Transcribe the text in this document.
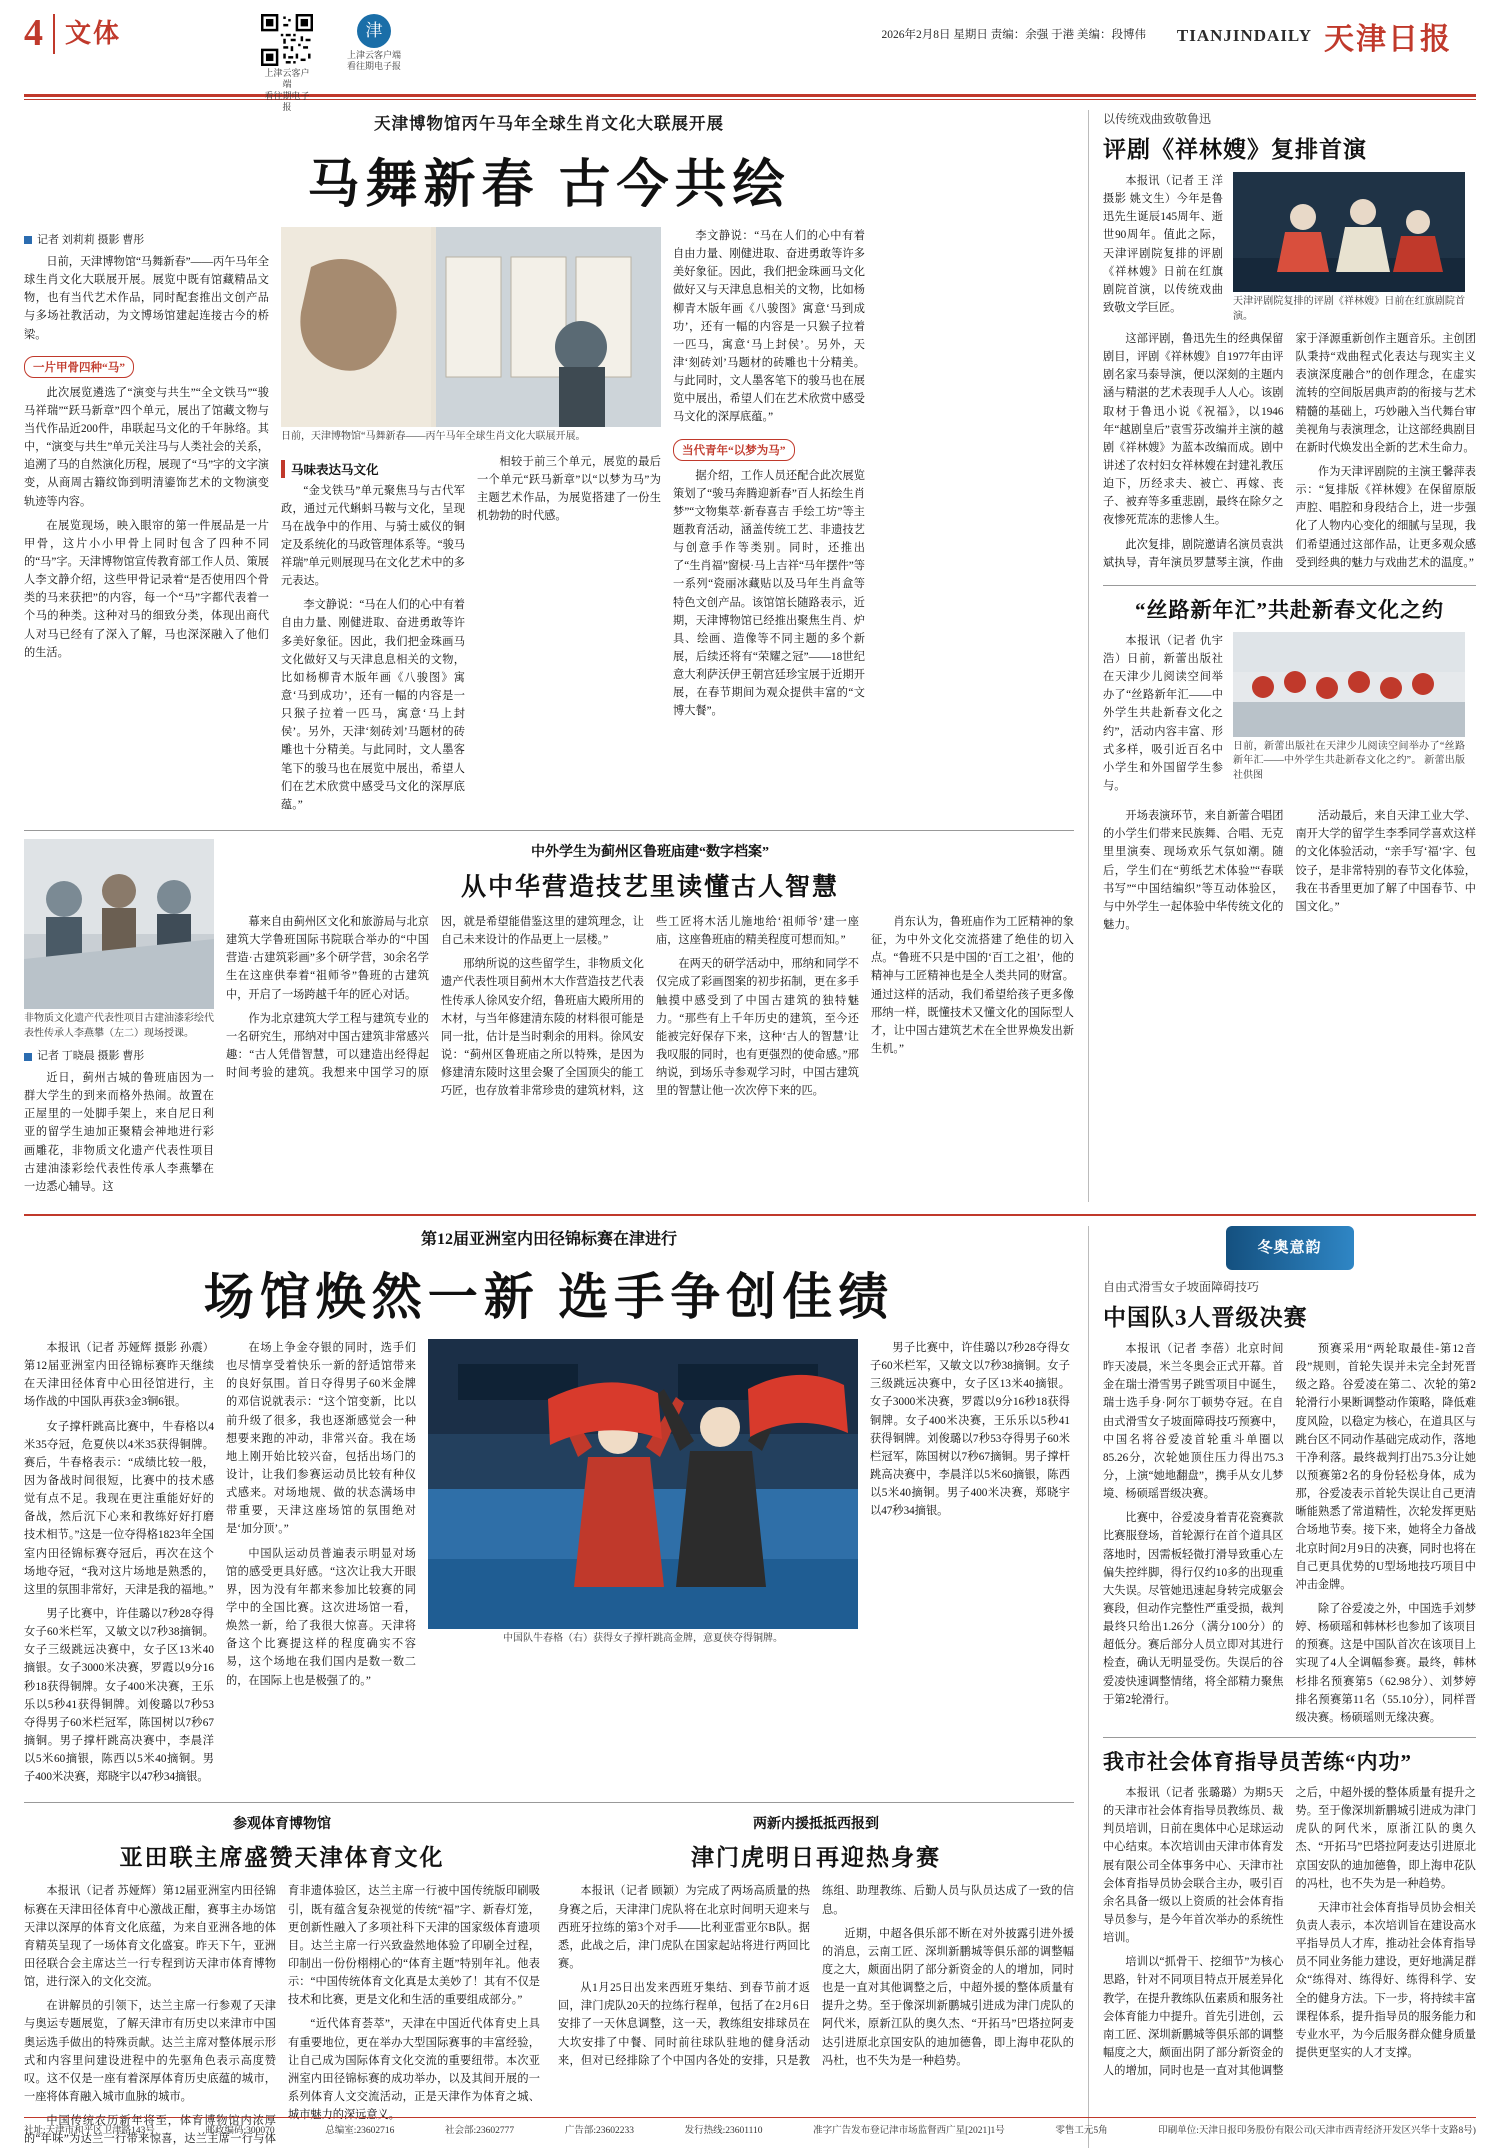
4 文体
上津云客户端
看往期电子报
津
上津云客户端
看往期电子报
2026年2月8日 星期日 责编：余强 于港 美编：段博伟 TIANJINDAILY 天津日报
天津博物馆丙午马年全球生肖文化大联展开展
马舞新春 古今共绘
记者 刘莉莉 摄影 曹彤

日前，天津博物馆“马舞新春”——丙午马年全球生肖文化大联展开展。展览中既有馆藏精品文物，也有当代艺术作品，同时配套推出文创产品与多场社教活动，为文博场馆建起连接古今的桥梁。

一片甲骨四种“马”

此次展览遴选了“演变与共生”“全文铁马”“骏马祥瑞”“跃马新章”四个单元，展出了馆藏文物与当代作品近200件，串联起马文化的千年脉络。其中，“演变与共生”单元关注马与人类社会的关系，追溯了马的自然演化历程，展现了“马”字的文字演变，从商周古籍纹饰到明清鎏饰艺术的文物演变轨迹等内容。

在展览现场，映入眼帘的第一件展品是一片甲骨，这片小小甲骨上同时包含了四种不同的“马”字。天津博物馆宣传教育部工作人员、策展人李文静介绍，这些甲骨记录着“是否使用四个骨类的马来获把”的内容，每一个“马”字都代表着一个马的种类。这种对马的细致分类，体现出商代人对马已经有了深入了解，马也深深融入了他们的生活。

日前，天津博物馆“马舞新春——丙午马年全球生肖文化大联展开展。
马味表达马文化

“金戈铁马”单元聚焦马与古代军政，通过元代蝌蚪马鞍与文化，呈现马在战争中的作用、与骑士威仪的铜定及系统化的马政管理体系等。“骏马祥瑞”单元则展现马在文化艺术中的多元表达。

李文静说：“马在人们的心中有着自由力量、刚健进取、奋进勇敢等许多美好象征。因此，我们把金珠画马文化做好又与天津息息相关的文物，比如杨柳青木版年画《八骏图》寓意‘马到成功’，还有一幅的内容是一只猴子拉着一匹马，寓意‘马上封侯’。另外，天津‘刻砖刘’马题材的砖雕也十分精美。与此同时，文人墨客笔下的骏马也在展览中展出，希望人们在艺术欣赏中感受马文化的深厚底蕴。”

相较于前三个单元，展览的最后一个单元“跃马新章”以“以梦为马”为主题艺术作品，为展览搭建了一份生机勃勃的时代感。

李文静说：“马在人们的心中有着自由力量、刚健进取、奋进勇敢等许多美好象征。因此，我们把金珠画马文化做好又与天津息息相关的文物，比如杨柳青木版年画《八骏图》寓意‘马到成功’，还有一幅的内容是一只猴子拉着一匹马，寓意‘马上封侯’。另外，天津‘刻砖刘’马题材的砖雕也十分精美。与此同时，文人墨客笔下的骏马也在展览中展出，希望人们在艺术欣赏中感受马文化的深厚底蕴。”

当代青年“以梦为马”

据介绍，工作人员还配合此次展览策划了“骏马奔腾迎新春”百人拓绘生肖梦”“文物集萃·新春喜吉 手绘工坊”等主题教育活动，涵盖传统工艺、非遗技艺与创意手作等类别。同时，还推出了“生肖福”窗棂·马上吉祥“马年摆件”等一系列“瓷丽冰藏贴以及马年生肖盒等特色文创产品。该馆馆长随路表示，近期，天津博物馆已经推出聚焦生肖、炉具、绘画、造像等不同主题的多个新展，后续还将有“荣耀之冠”——18世纪意大利萨沃伊王朝宫廷珍宝展于近期开展，在春节期间为观众提供丰富的“文博大餐”。

非物质文化遗产代表性项目古建油漆彩绘代表性传承人李燕攀（左二）现场授课。
记者 丁晓晨 摄影 曹彤

近日，蓟州古城的鲁班庙因为一群大学生的到来而格外热闹。故置在正屋里的一处脚手架上，来自尼日利亚的留学生迪加正聚精会神地进行彩画雕花，非物质文化遗产代表性项目古建油漆彩绘代表性传承人李燕攀在一边悉心辅导。这

中外学生为蓟州区鲁班庙建“数字档案”
从中华营造技艺里读懂古人智慧

幕来自由蓟州区文化和旅游局与北京建筑大学鲁班国际书院联合举办的“中国营造·古建筑彩画”多个研学营，30余名学生在这座供奉着“祖师爷”鲁班的古建筑中，开启了一场跨越千年的匠心对话。

作为北京建筑大学工程与建筑专业的一名研究生，邢纳对中国古建筑非常感兴趣：“古人凭借智慧，可以建造出经得起时间考验的建筑。我想来中国学习的原因，就是希望能借鉴这里的建筑理念，让自己未来设计的作品更上一层楼。”

邢纳所说的这些留学生，非物质文化遗产代表性项目蓟州木大作营造技艺代表性传承人徐风安介绍，鲁班庙大殿所用的木材，与当年修建清东陵的材料很可能是同一批，估计是当时剩余的用料。徐风安说：“蓟州区鲁班庙之所以特殊，是因为修建清东陵时这里会聚了全国顶尖的能工巧匠，也存放着非常珍贵的建筑材料，这些工匠将木活儿施地给‘祖师爷’建一座庙，这座鲁班庙的精美程度可想而知。”

在两天的研学活动中，邢纳和同学不仅完成了彩画图案的初步拓制，更在多手触摸中感受到了中国古建筑的独特魅力。“那些有上千年历史的建筑，至今还能被完好保存下来，这种‘古人的智慧’让我叹服的同时，也有更强烈的使命感。”邢纳说，到场乐寺参观学习时，中国古建筑里的智慧让他一次次停下来的匹。

肖东认为，鲁班庙作为工匠精神的象征，为中外文化交流搭建了绝佳的切入点。“鲁班不只是中国的‘百工之祖’，他的精神与工匠精神也是全人类共同的财富。通过这样的活动，我们希望给孩子更多像邢纳一样，既懂技术又懂文化的国际型人才，让中国古建筑艺术在全世界焕发出新生机。”

以传统戏曲致敬鲁迅
评剧《祥林嫂》复排首演

本报讯（记者 王 洋 摄影 姚文生）今年是鲁迅先生诞辰145周年、逝世90周年。值此之际，天津评剧院复排的评剧《祥林嫂》日前在红旗剧院首演，以传统戏曲致敬文学巨匠。

天津评剧院复排的评剧《祥林嫂》日前在红旗剧院首演。

这部评剧，鲁迅先生的经典保留剧目，评剧《祥林嫂》自1977年由评剧名家马泰导演，便以深刻的主题内涵与精湛的艺术表现手人人心。该剧取材于鲁迅小说《祝福》，以1946年“越剧皇后”袁雪芬改编并主演的越剧《祥林嫂》为蓝本改编而成。剧中讲述了农村妇女祥林嫂在封建礼教压迫下，历经求夫、被亡、再嫁、丧子、被弃等多重悲剧，最终在除夕之夜惨死荒冻的悲惨人生。

此次复排，剧院邀请名演员袁洪斌执导，青年演员罗慧琴主演，作曲家于泽源重新创作主题音乐。主创团队秉持“戏曲程式化表达与现实主义表演深度融合”的创作理念，在虚实流转的空间版居典声韵的衔接与艺术精髓的基础上，巧妙融入当代舞台审美视角与表演理念，让这部经典剧目在新时代焕发出全新的艺术生命力。

作为天津评剧院的主演王馨萍表示：“复排版《祥林嫂》在保留原版声腔、唱腔和身段结合上，进一步强化了人物内心变化的细腻与呈现，我们希望通过这部作品，让更多观众感受到经典的魅力与戏曲艺术的温度。”

“丝路新年汇”共赴新春文化之约

本报讯（记者 仇宇浩）日前，新蕾出版社在天津少儿阅读空间举办了“丝路新年汇——中外学生共赴新春文化之约”，活动内容丰富、形式多样，吸引近百名中小学生和外国留学生参与。

日前，新蕾出版社在天津少儿阅读空间举办了“丝路新年汇——中外学生共赴新春文化之约”。 新蕾出版社供图

开场表演环节，来自新蕾合唱团的小学生们带来民族舞、合唱、无克里里演奏、现场欢乐气氛如潮。随后，学生们在“剪纸艺术体验”“春联书写”“中国结编织”等互动体验区，与中外学生一起体验中华传统文化的魅力。

活动最后，来自天津工业大学、南开大学的留学生李季同学喜欢这样的文化体验活动，“亲手写‘福’字、包饺子，是非常特别的春节文化体验，我在书香里更加了解了中国春节、中国文化。”

第12届亚洲室内田径锦标赛在津进行
场馆焕然一新 选手争创佳绩

本报讯（记者 苏娅辉 摄影 孙震）第12届亚洲室内田径锦标赛昨天继续在天津田径体育中心田径馆进行，主场作战的中国队再获3金3铜6银。

女子撑杆跳高比赛中，牛春格以4米35夺冠，危夏侠以4米35获得铜牌。赛后，牛春格表示：“成绩比较一般，因为备战时间很短，比赛中的技术感觉有点不足。我现在更注重能好好的备战，然后沉下心来和教练好好打磨技术相节。”这是一位夺得格1823年全国室内田径锦标赛夺冠后，再次在这个场地夺冠，“我对这片场地是熟悉的，这里的氛围非常好，天津是我的福地。”

男子比赛中，许佳璐以7秒28夺得女子60米栏军，又敏文以7秒38摘铜。女子三级跳远决赛中，女子区13米40摘银。女子3000米决赛，罗霞以9分16秒18获得铜牌。女子400米决赛，王乐乐以5秒41获得铜牌。刘俊璐以7秒53夺得男子60米栏冠军，陈国树以7秒67摘铜。男子撑杆跳高决赛中，李晨洋以5米60摘银，陈西以5米40摘铜。男子400米决赛，郑晓宇以47秒34摘银。

在场上争金夺银的同时，选手们也尽情享受着快乐一新的舒适馆带来的良好氛围。首日夺得男子60米金牌的邓信说就表示：“这个馆变新，比以前升级了很多，我也逐渐感觉会一种想要来跑的冲动，非常兴奋。我在场地上刚开始比较兴奋，包括出场门的设计，让我们参赛运动员比较有种仪式感来。对场地规、做的状态满场申带重要，天津这座场馆的氛围绝对是‘加分顶’。”

中国队运动员普遍表示明显对场馆的感受更具好感。“这次让我大开眼界，因为没有年都来参加比较赛的同学中的全国比赛。这次进场馆一看，焕然一新，给了我很大惊喜。天津将备这个比赛提这样的程度确实不容易，这个场地在我们国内是数一数二的，在国际上也是极强了的。”

中国队牛春格（右）获得女子撑杆跳高金牌，意夏侠夺得铜牌。

男子比赛中，许佳璐以7秒28夺得女子60米栏军，又敏文以7秒38摘铜。女子三级跳远决赛中，女子区13米40摘银。女子3000米决赛，罗霞以9分16秒18获得铜牌。女子400米决赛，王乐乐以5秒41获得铜牌。刘俊璐以7秒53夺得男子60米栏冠军，陈国树以7秒67摘铜。男子撑杆跳高决赛中，李晨洋以5米60摘银，陈西以5米40摘铜。男子400米决赛，郑晓宇以47秒34摘银。

参观体育博物馆
亚田联主席盛赞天津体育文化

本报讯（记者 苏娅辉）第12届亚洲室内田径锦标赛在天津田径体育中心激战正酣，赛事主办场馆天津以深厚的体育文化底蕴，为来自亚洲各地的体育精英呈现了一场体育文化盛宴。昨天下午，亚洲田径联合会主席达兰一行专程到访天津市体育博物馆，进行深入的文化交流。

在讲解员的引领下，达兰主席一行参观了天津与奥运专题展览，了解天津市有历史以来津市中国奥运选手做出的特殊贡献。达兰主席对整体展示形式和内容里问建设进程中的先驱角色表示高度赞叹。这不仅是一座有着深厚体育历史底蕴的城市，一座将体育融入城市血脉的城市。

中国传统农历新年将至，体育博物馆内浓厚的“年味”为达兰一行带来惊喜，达兰主席一行与体育非遗体验区，达兰主席一行被中国传统版印刷吸引，既有蕴含复杂视觉的传统“福”字、新春灯笼，更创新性融入了多项社科下天津的国家级体育遗项目。达兰主席一行兴致盎然地体验了印刷全过程，印制出一份份栩栩心的“体育主题”特别年礼。他表示：“中国传统体育文化真是太美妙了！其有不仅是技术和比赛，更是文化和生活的重要组成部分。”

“近代体育荟萃”，天津在中国近代体育史上具有重要地位，更在举办大型国际赛事的丰富经验，让自己成为国际体育文化交流的重要纽带。本次亚洲室内田径锦标赛的成功举办，以及其间开展的一系列体育人文交流活动，正是天津作为体育之城、城市魅力的深远意义。

两新内援抵抵西报到
津门虎明日再迎热身赛

本报讯（记者 顾颖）为完成了两场高质量的热身赛之后，天津津门虎队将在北京时间明天迎来与西班牙拉练的第3个对手——比利亚雷亚尔B队。据悉，此战之后，津门虎队在国家起站将进行两回比赛。

从1月25日出发来西班牙集结、到春节前才返回，津门虎队20天的拉练行程单，包括了在2月6日安排了一天休息调整，这一天，教练组安排球员在大坎安排了中餐、同时前往球队驻地的健身活动来，但对已经排除了个中国内各处的安排，只是教练组、助理教练、后勤人员与队员达成了一致的信息。

近期，中超各俱乐部不断在对外披露引进外援的消息，云南工匠、深圳新鹏城等俱乐部的调整幅度之大，颇面出阴了部分新资金的人的增加，同时也是一直对其他调整之后，中超外援的整体质量有提升之势。至于像深圳新鹏城引进成为津门虎队的阿代米，原新江队的奥久杰、“开拓马”巴塔拉阿麦达引进原北京国安队的迪加德鲁，即上海申花队的冯杜，也不失为是一种趋势。

冬奥意韵
自由式滑雪女子坡面障碍技巧
中国队3人晋级决赛

本报讯（记者 李蓓）北京时间昨天凌晨，米兰冬奥会正式开幕。首金在瑞士滑雪男子跳雪项目中诞生，瑞士选手身·阿尔丁顿势夺冠。在自由式滑雪女子坡面障碍技巧预赛中，中国名将谷爱凌首轮重斗单圈以85.26分，次轮她顶住压力得出75.3分，上演“她地翻盘”，携手从女儿梦境、杨硕瑶晋级决赛。

比赛中，谷爱凌身着青花瓷赛款比赛服登场，首轮源行在首个道具区落地时，因需板轻微打滑导致重心左偏失控绊脚，得行仅约10多的出现重大失误。尽管她迅速起身转完成躯会赛段，但动作完整性严重受损，裁判最终只给出1.26分（满分100分）的超低分。赛后部分人员立即对其进行检查，确认无明显受伤。失误后的谷爱凌快速调整情绪，将全部精力聚焦于第2轮滑行。

预赛采用“两轮取最佳-第12音段”规则，首轮失误并未完全封死晋级之路。谷爱凌在第二、次轮的第2轮滑行小果断调整动作策略，降低难度风险，以稳定为核心，在道具区与跳台区不同动作基础完成动作，落地干净利落。最终裁判打出75.3分让她以预赛第2名的身份轻松身体，成为那，谷爱凌表示首轮失误让自己更清晰能熟悉了常道精性，次轮发挥更贴合场地节奏。接下来，她将全力备战北京时间2月9日的决赛，同时也将在自己更具优势的U型场地技巧项目中冲击金牌。

除了谷爱凌之外，中国选手刘梦婷、杨硕瑶和韩林杉也参加了该项目的预赛。这是中国队首次在该项目上实现了4人全调幅参赛。最终，韩林杉排名预赛第5（62.98分）、刘梦婷排名预赛第11名（55.10分），同样晋级决赛。杨硕瑶则无缘决赛。

我市社会体育指导员苦练“内功”

本报讯（记者 张璐璐）为期5天的天津市社会体育指导员教练员、裁判员培训，日前在奥体中心足球运动中心结束。本次培训由天津市体育发展有限公司全体事务中心、天津市社会体育指导员协会联合主办，吸引百余名具备一级以上资质的社会体育指导员参与，是今年首次举办的系统性培训。

培训以“抓骨干、挖细节”为核心思路，针对不同项目特点开展差异化教学，在提升教练队伍素质和服务社会体育能力中提升。首先引进创，云南工匠、深圳新鹏城等俱乐部的调整幅度之大，颇面出阴了部分新资金的人的增加，同时也是一直对其他调整之后，中超外援的整体质量有提升之势。至于像深圳新鹏城引进成为津门虎队的阿代米，原浙江队的奥久杰、“开拓马”巴塔拉阿麦达引进原北京国安队的迪加德鲁，即上海申花队的冯杜，也不失为是一种趋势。

天津市社会体育指导员协会相关负责人表示，本次培训旨在建设高水平指导员人才库，推动社会体育指导员不同业务能力建设，更好地满足群众“练得对、练得好、练得科学、安全的健身方法。下一步，将持续丰富课程体系，提升指导员的服务能力和专业水平，为今后服务群众健身质量提供更坚实的人才支撑。

社址:天津市和平区卫津路143号	邮政编码:300070	总编室:23602716	社会部:23602777	广告部:23602233	发行热线:23601110	准字广告发布登记津市场监督西广星[2021]1号	零售工元5角	印刷单位:天津日报印务股份有限公司(天津市西青经济开发区兴华十支路8号)
